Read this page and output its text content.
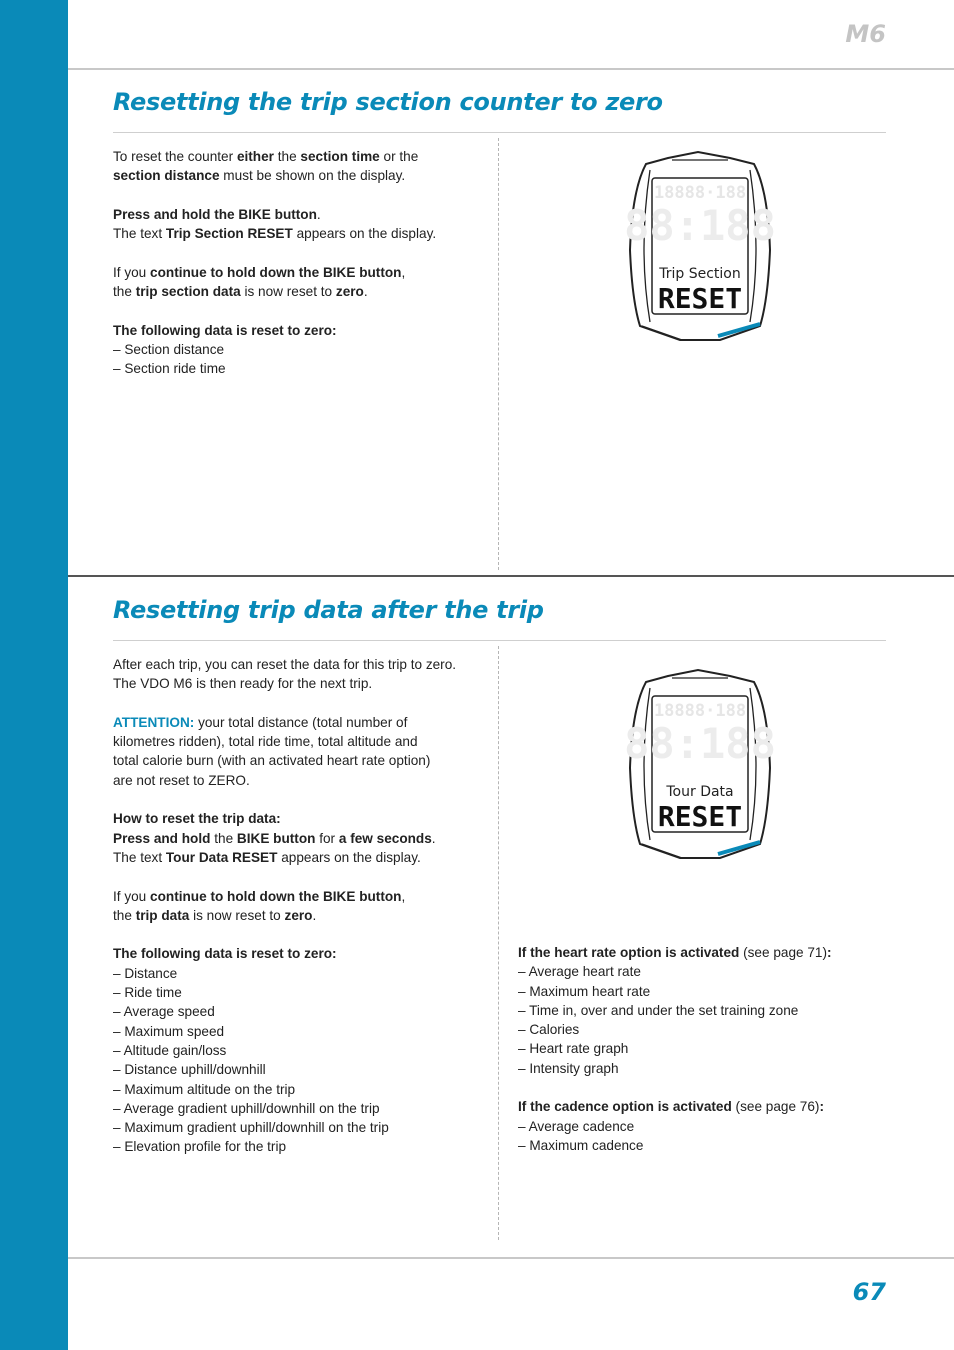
M6
Resetting the trip section counter to zero

To reset the counter either the section time or the

section distance must be shown on the display.

Press and hold the BIKE button.

The text Trip Section RESET appears on the display.

If you continue to hold down the BIKE button,

the trip section data is now reset to zero.

The following data is reset to zero:

– Section distance

– Section ride time

18888·188
88:188
Trip Section
RESET
Resetting trip data after the trip

After each trip, you can reset the data for this trip to zero.

The VDO M6 is then ready for the next trip.

ATTENTION: your total distance (total number of

kilometres ridden), total ride time, total altitude and

total calorie burn (with an activated heart rate option)

are not reset to ZERO.

How to reset the trip data:

Press and hold the BIKE button for a few seconds.

The text Tour Data RESET appears on the display.

If you continue to hold down the BIKE button,

the trip data is now reset to zero.

The following data is reset to zero:

– Distance

– Ride time

– Average speed

– Maximum speed

– Altitude gain/loss

– Distance uphill/downhill

– Maximum altitude on the trip

– Average gradient uphill/downhill on the trip

– Maximum gradient uphill/downhill on the trip

– Elevation profile for the trip

If the heart rate option is activated (see page 71):

– Average heart rate

– Maximum heart rate

– Time in, over and under the set training zone

– Calories

– Heart rate graph

– Intensity graph

If the cadence option is activated (see page 76):

– Average cadence

– Maximum cadence

18888·188
88:188
Tour Data
RESET
67
